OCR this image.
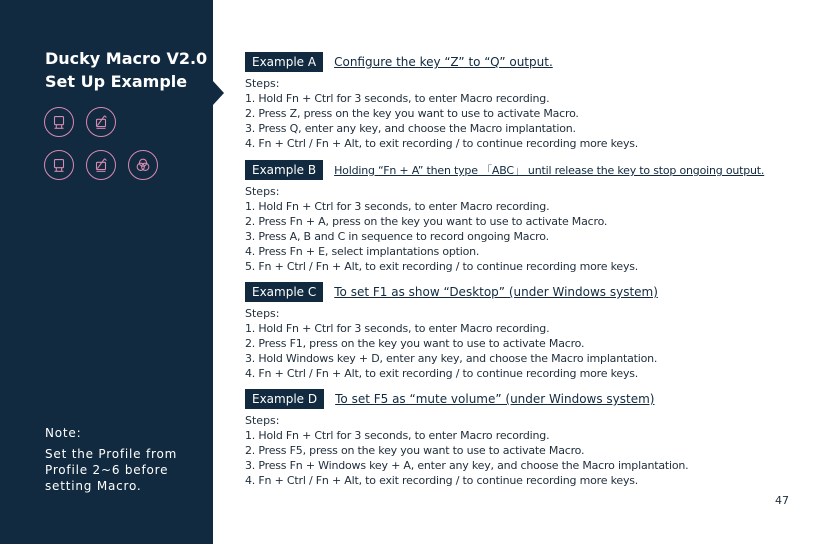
Ducky Macro V2.0
Set Up Example
Note:
Set the Profile from
Profile 2~6 before
setting Macro.
Example A	Configure the key “Z” to “Q” output.
Steps:
1. Hold Fn + Ctrl for 3 seconds, to enter Macro recording.
2. Press Z, press on the key you want to use to activate Macro.
3. Press Q, enter any key, and choose the Macro implantation.
4. Fn + Ctrl / Fn + Alt, to exit recording / to continue recording more keys.
Example B	Holding “Fn + A” then type 「ABC」 until release the key to stop ongoing output.
Steps:
1. Hold Fn + Ctrl for 3 seconds, to enter Macro recording.
2. Press Fn + A, press on the key you want to use to activate Macro.
3. Press A, B and C in sequence to record ongoing Macro.
4. Press Fn + E, select implantations option.
5. Fn + Ctrl / Fn + Alt, to exit recording / to continue recording more keys.
Example C	To set F1 as show “Desktop” (under Windows system)
Steps:
1. Hold Fn + Ctrl for 3 seconds, to enter Macro recording.
2. Press F1, press on the key you want to use to activate Macro.
3. Hold Windows key + D, enter any key, and choose the Macro implantation.
4. Fn + Ctrl / Fn + Alt, to exit recording / to continue recording more keys.
Example D	To set F5 as “mute volume” (under Windows system)
Steps:
1. Hold Fn + Ctrl for 3 seconds, to enter Macro recording.
2. Press F5, press on the key you want to use to activate Macro.
3. Press Fn + Windows key + A, enter any key, and choose the Macro implantation.
4. Fn + Ctrl / Fn + Alt, to exit recording / to continue recording more keys.
47
